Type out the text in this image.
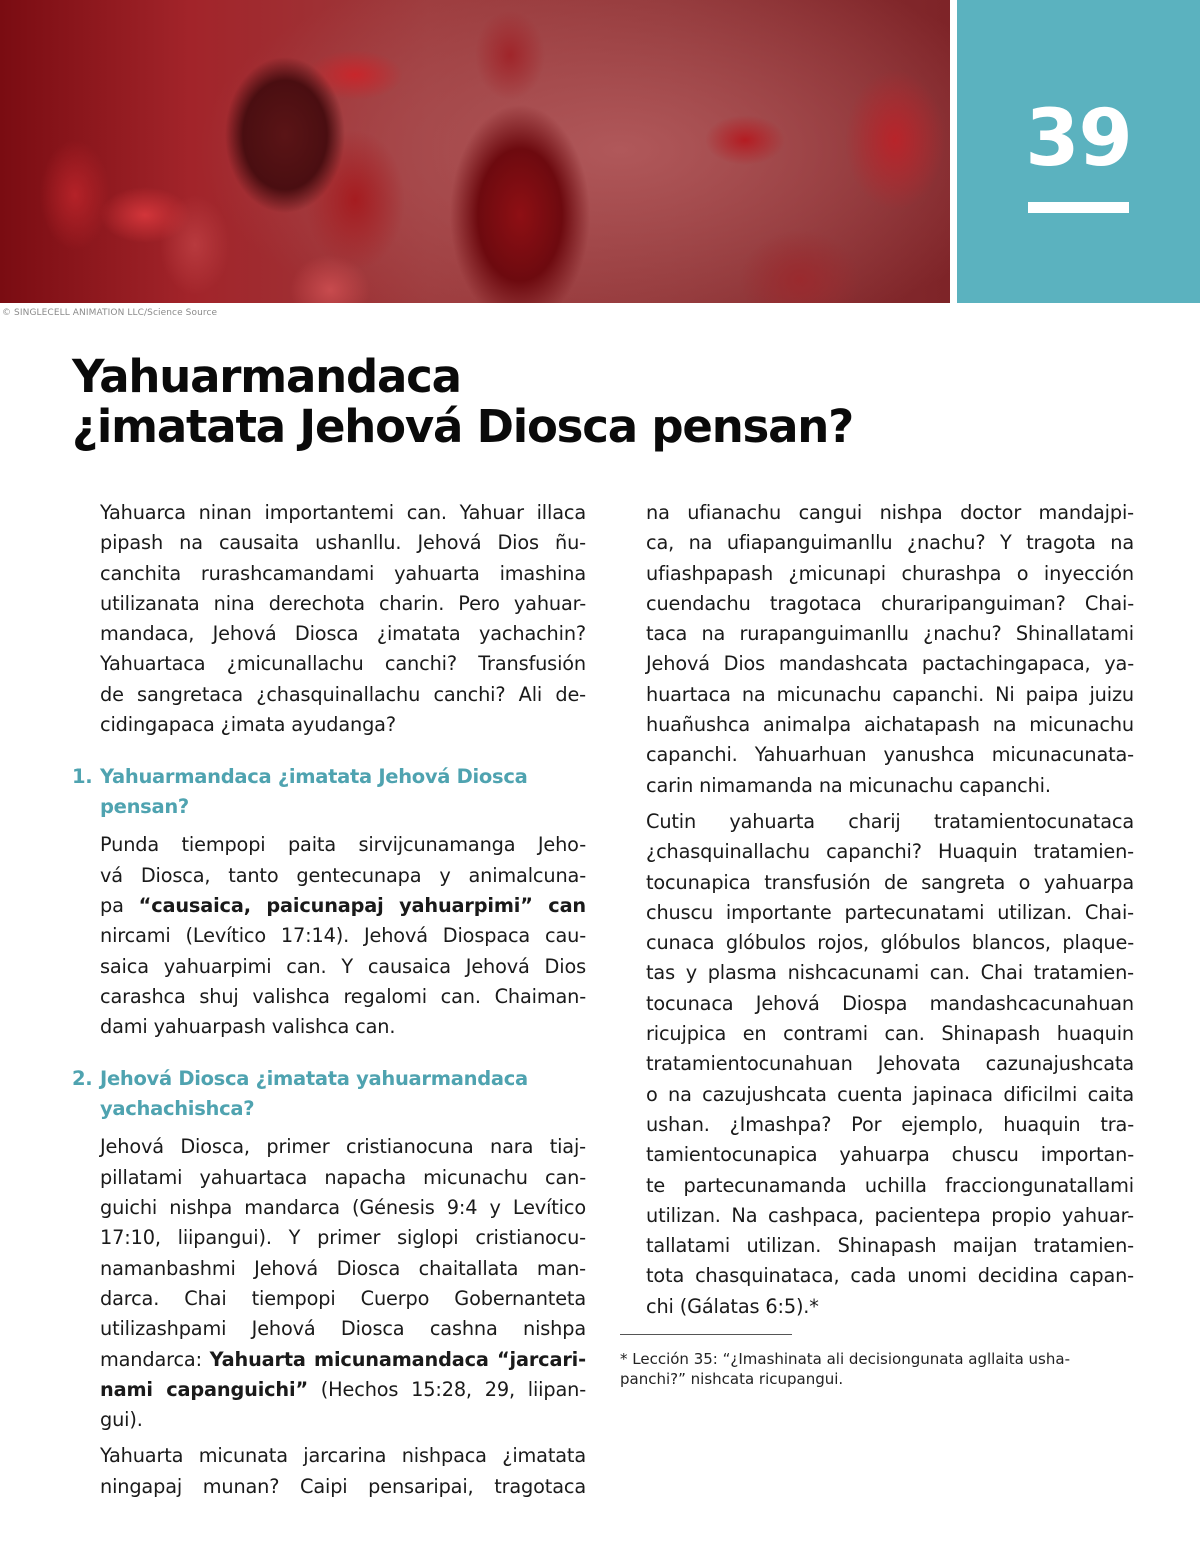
© SINGLECELL ANIMATION LLC/Science Source
39
Yahuarmandaca
¿imatata Jehová Diosca pensan?
Yahuarca ninan importantemi can. Yahuar illaca
pipash na causaita ushanllu. Jehová Dios ñu-
canchita rurashcamandami yahuarta imashina
utilizanata nina derechota charin. Pero yahuar-
mandaca, Jehová Diosca ¿imatata yachachin?
Yahuartaca ¿micunallachu canchi? Transfusión
de sangretaca ¿chasquinallachu canchi? Ali de-
cidingapaca ¿imata ayudanga?
1. Yahuarmandaca ¿imatata Jehová Diosca
pensan?
Punda tiempopi paita sirvijcunamanga Jeho-
vá Diosca, tanto gentecunapa y animalcuna-
pa “causaica, paicunapaj yahuarpimi” can
nircami (Levítico 17:14). Jehová Diospaca cau-
saica yahuarpimi can. Y causaica Jehová Dios
carashca shuj valishca regalomi can. Chaiman-
dami yahuarpash valishca can.
2. Jehová Diosca ¿imatata yahuarmandaca
yachachishca?
Jehová Diosca, primer cristianocuna nara tiaj-
pillatami yahuartaca napacha micunachu can-
guichi nishpa mandarca (Génesis 9:4 y Levítico
17:10, liipangui). Y primer siglopi cristianocu-
namanbashmi Jehová Diosca chaitallata man-
darca. Chai tiempopi Cuerpo Gobernanteta
utilizashpami Jehová Diosca cashna nishpa
mandarca: Yahuarta micunamandaca “jarcari-
nami capanguichi” (Hechos 15:28, 29, liipan-
gui).
Yahuarta micunata jarcarina nishpaca ¿imatata
ningapaj munan? Caipi pensaripai, tragotaca
na ufianachu cangui nishpa doctor mandajpi-
ca, na ufiapanguimanllu ¿nachu? Y tragota na
ufiashpapash ¿micunapi churashpa o inyección
cuendachu tragotaca churaripanguiman? Chai-
taca na rurapanguimanllu ¿nachu? Shinallatami
Jehová Dios mandashcata pactachingapaca, ya-
huartaca na micunachu capanchi. Ni paipa juizu
huañushca animalpa aichatapash na micunachu
capanchi. Yahuarhuan yanushca micunacunata-
carin nimamanda na micunachu capanchi.
Cutin yahuarta charij tratamientocunataca
¿chasquinallachu capanchi? Huaquin tratamien-
tocunapica transfusión de sangreta o yahuarpa
chuscu importante partecunatami utilizan. Chai-
cunaca glóbulos rojos, glóbulos blancos, plaque-
tas y plasma nishcacunami can. Chai tratamien-
tocunaca Jehová Diospa mandashcacunahuan
ricujpica en contrami can. Shinapash huaquin
tratamientocunahuan Jehovata cazunajushcata
o na cazujushcata cuenta japinaca dificilmi caita
ushan. ¿Imashpa? Por ejemplo, huaquin tra-
tamientocunapica yahuarpa chuscu importan-
te partecunamanda uchilla fracciongunatallami
utilizan. Na cashpaca, pacientepa propio yahuar-
tallatami utilizan. Shinapash maijan tratamien-
tota chasquinataca, cada unomi decidina capan-
chi (Gálatas 6:5).*
* Lección 35: “¿Imashinata ali decisiongunata agllaita usha-
panchi?” nishcata ricupangui.
